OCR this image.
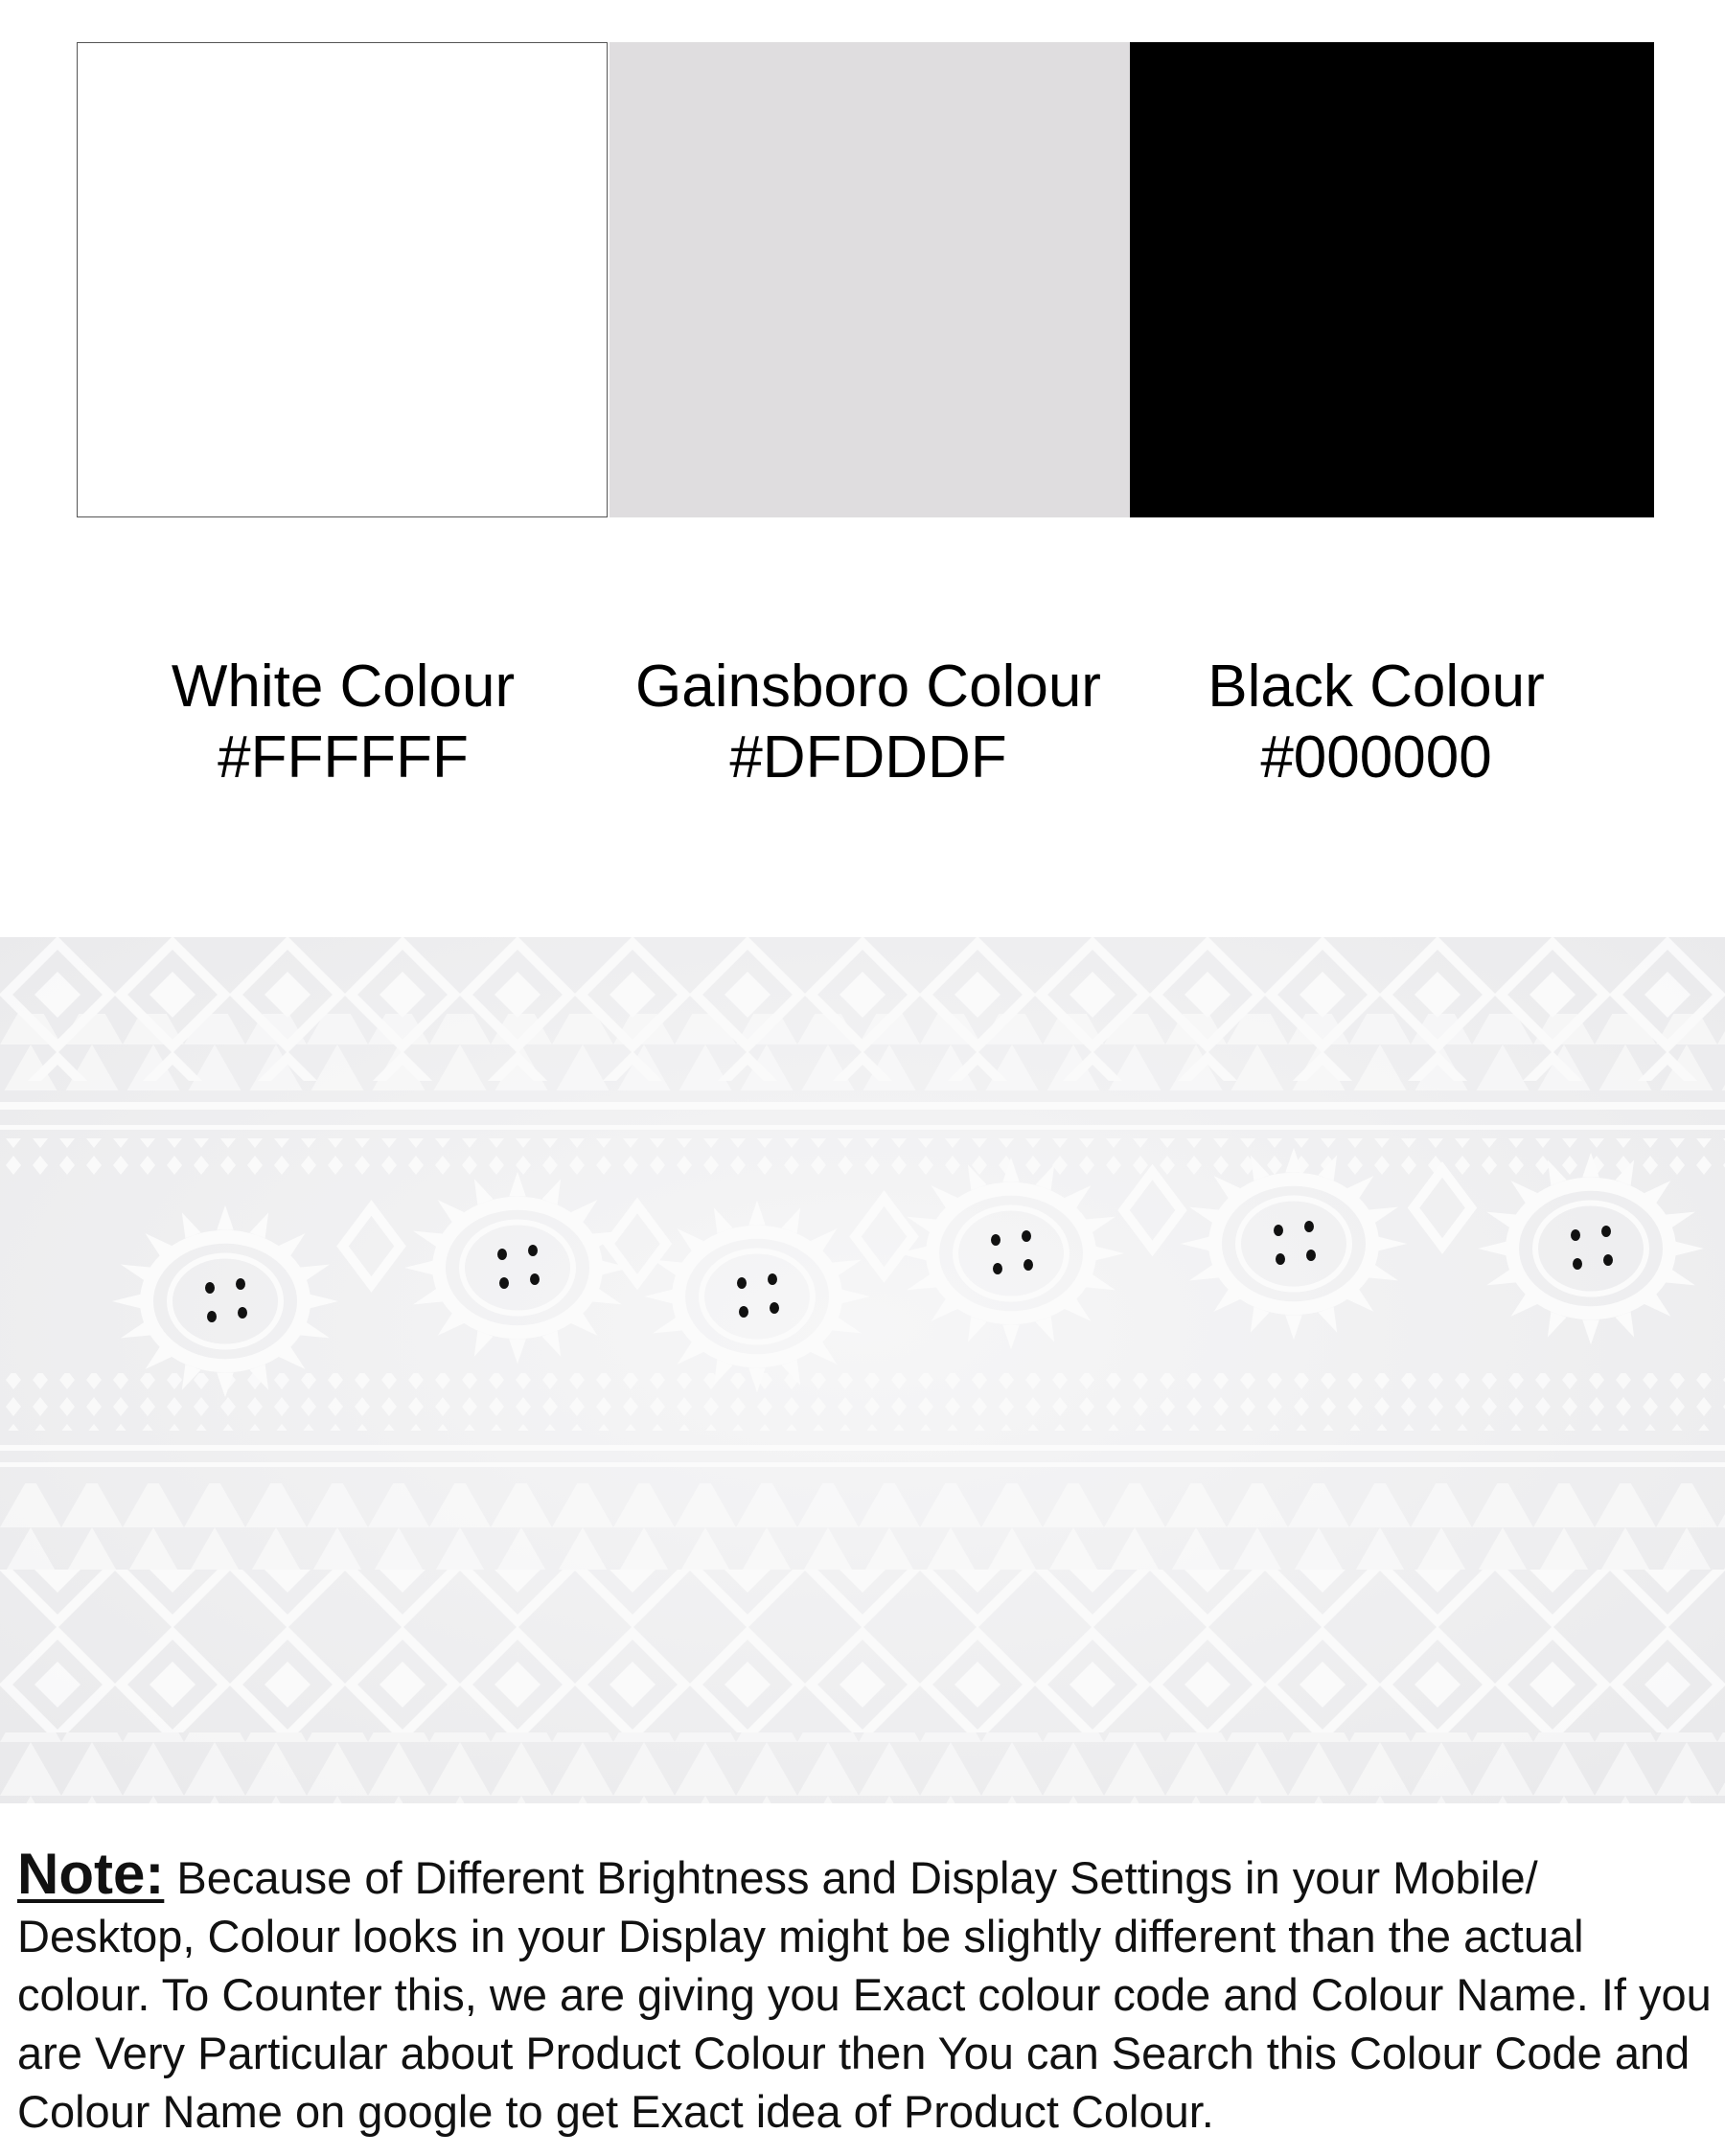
White Colour
#FFFFFF
Gainsboro Colour
#DFDDDF
Black Colour
#000000
Note: Because of Different Brightness and Display Settings in your Mobile/ Desktop, Colour looks in your Display might be slightly different than the actual colour. To Counter this, we are giving you Exact colour code and Colour Name. If you are Very Particular about Product Colour then You can Search this Colour Code and Colour Name on google to get Exact idea of Product Colour.
